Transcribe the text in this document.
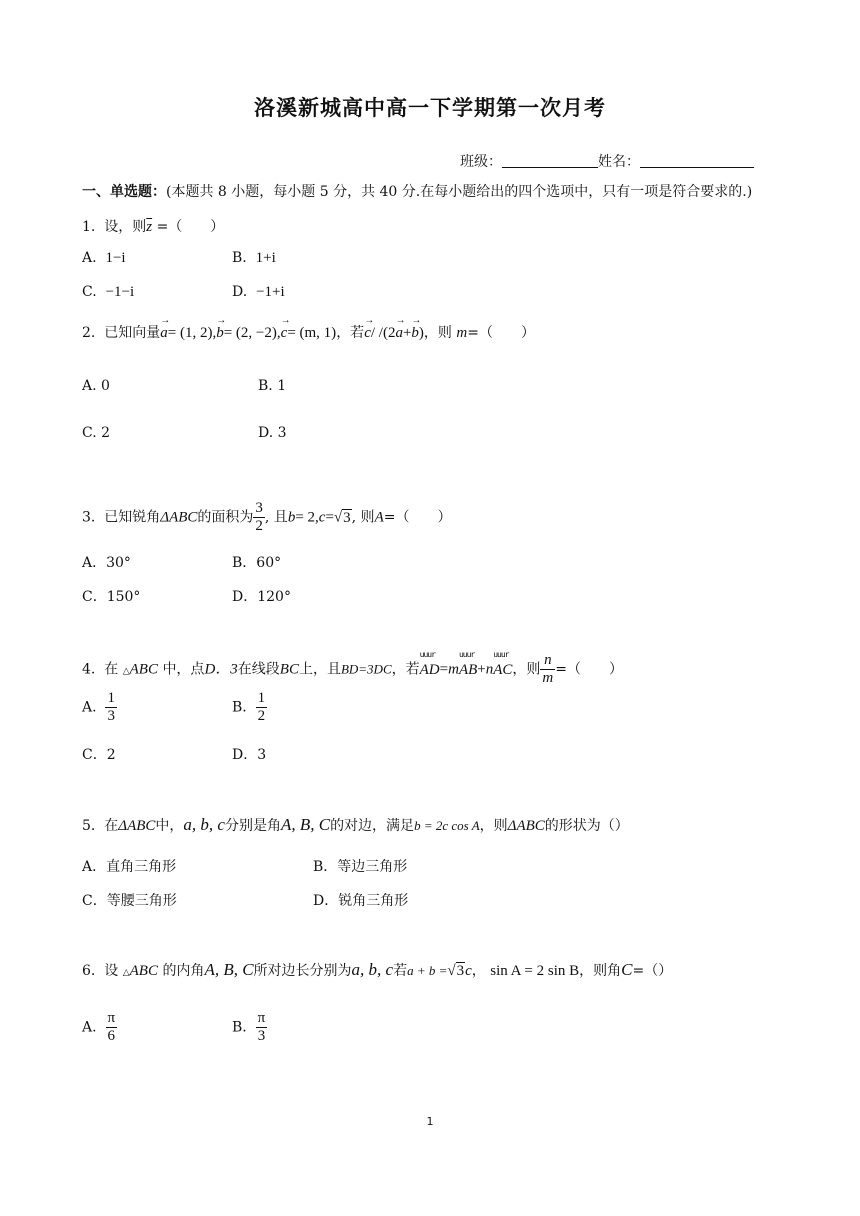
洛溪新城高中高一下学期第一次月考
班级：	姓名：
一、单选题：(本题共 8 小题，每小题 5 分，共 40 分.在每小题给出的四个选项中，只有一项是符合要求的.)
1. 设，则$\overline{z}$ =（　　）
A. 1−i	B. 1+i
C. −1−i	D. −1+i
2. 已知向量
→
a= (1, 2),
→
b= (2, −2),
→
c= (m, 1)，若
→
c/ /(2
→
a+
→
b)，则 m=（　　）
A. 0	B. 1
C. 2	D. 3
3. 已知锐角ΔABC的面积为 $\frac{3}{2}$ , 且b= 2,c=√3, 则A=（　　）
A．30°	B．60°
C．150°	D．120°
4. 在 △ABC 中，点D．3在线段BC上，且BD=3DC，若
uuur
AD=m
uuur
AB+n
uuur
AC，则 $\frac{n}{m}$ =（　　）
A. $\frac{1}{3}$	B. $\frac{1}{2}$
C．2	D．3
5. 在ΔABC中，a, b, c分别是角A, B, C的对边，满足b = 2c cos A，则ΔABC的形状为（）
A．直角三角形	B．等边三角形
C．等腰三角形	D．锐角三角形
6. 设 △ABC 的内角A, B, C所对边长分别为a, b, c若a + b =√3c， sin A = 2 sin B，则角C=（）
A. $\frac{\pi}{6}$	B. $\frac{\pi}{3}$
1
